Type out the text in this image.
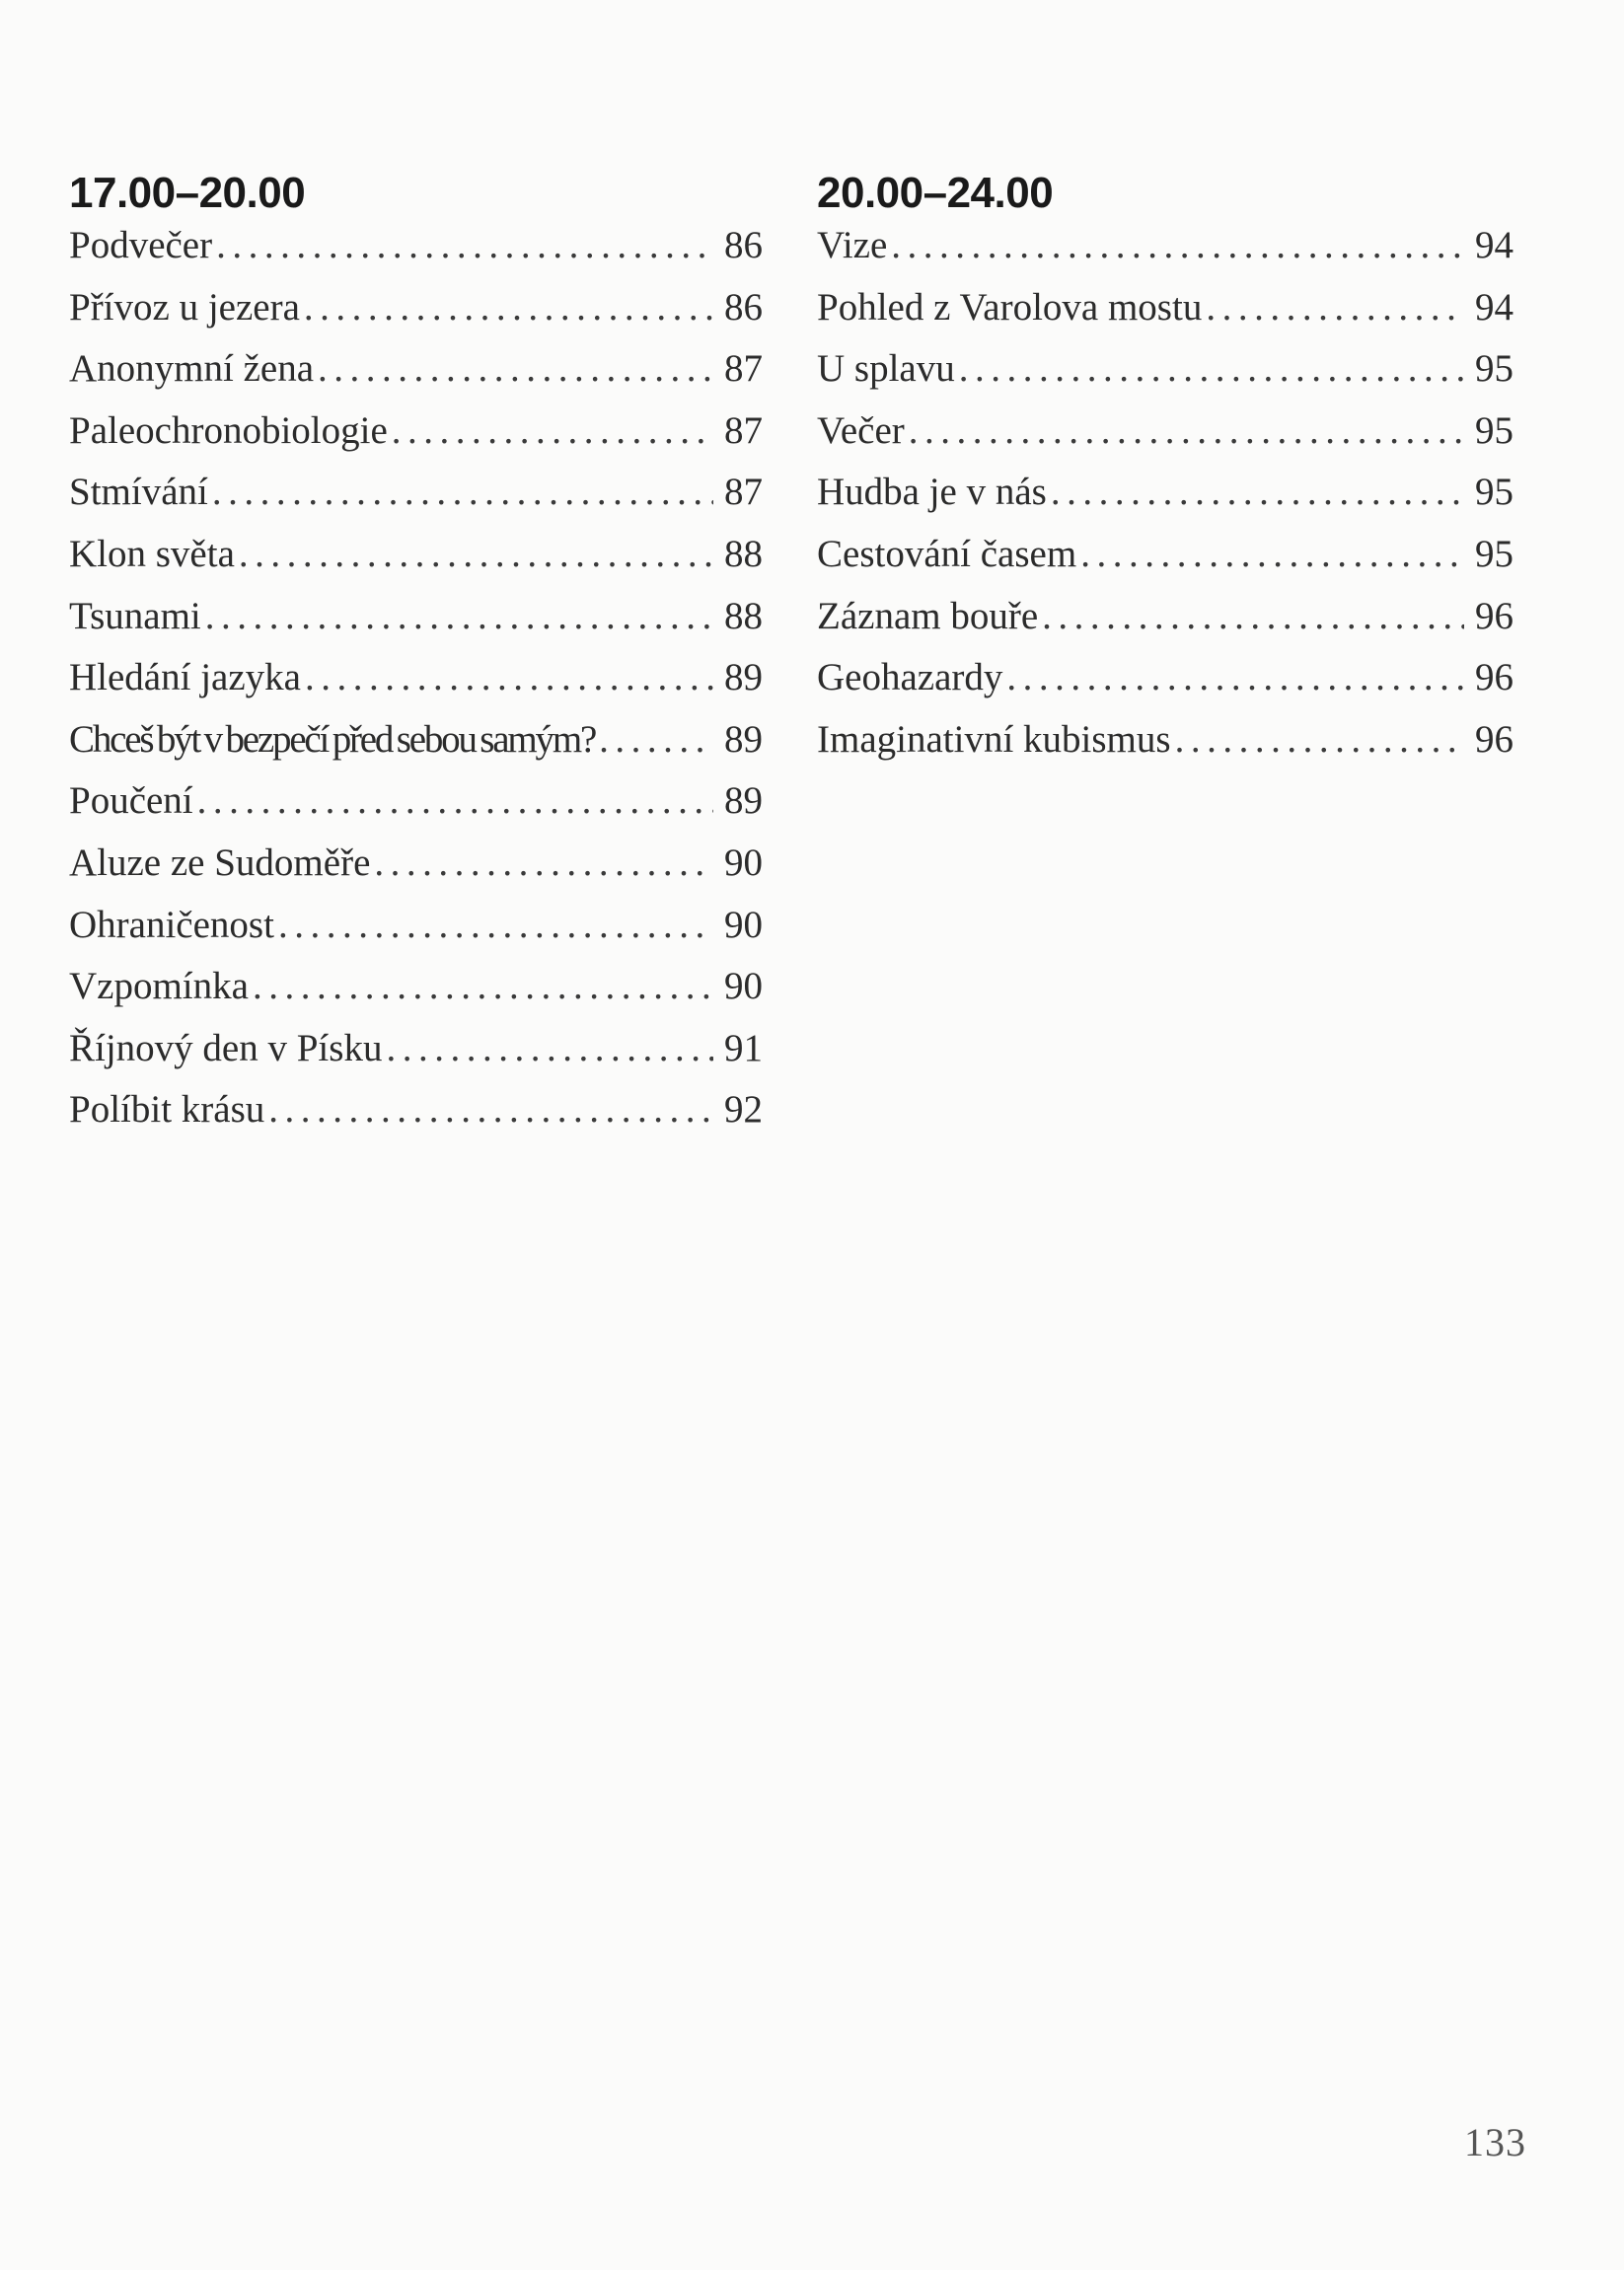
17.00–20.00
Podvečer .....	86
Přívoz u jezera .....	86
Anonymní žena .....	87
Paleochronobiologie .....	87
Stmívání .....	87
Klon světa .....	88
Tsunami .....	88
Hledání jazyka .....	89
Chceš být v bezpečí před sebou samým? .....	89
Poučení .....	89
Aluze ze Sudoměře .....	90
Ohraničenost .....	90
Vzpomínka .....	90
Říjnový den v Písku .....	91
Políbit krásu .....	92
20.00–24.00
Vize .....	94
Pohled z Varolova mostu .....	94
U splavu .....	95
Večer .....	95
Hudba je v nás .....	95
Cestování časem .....	95
Záznam bouře .....	96
Geohazardy .....	96
Imaginativní kubismus .....	96
133
